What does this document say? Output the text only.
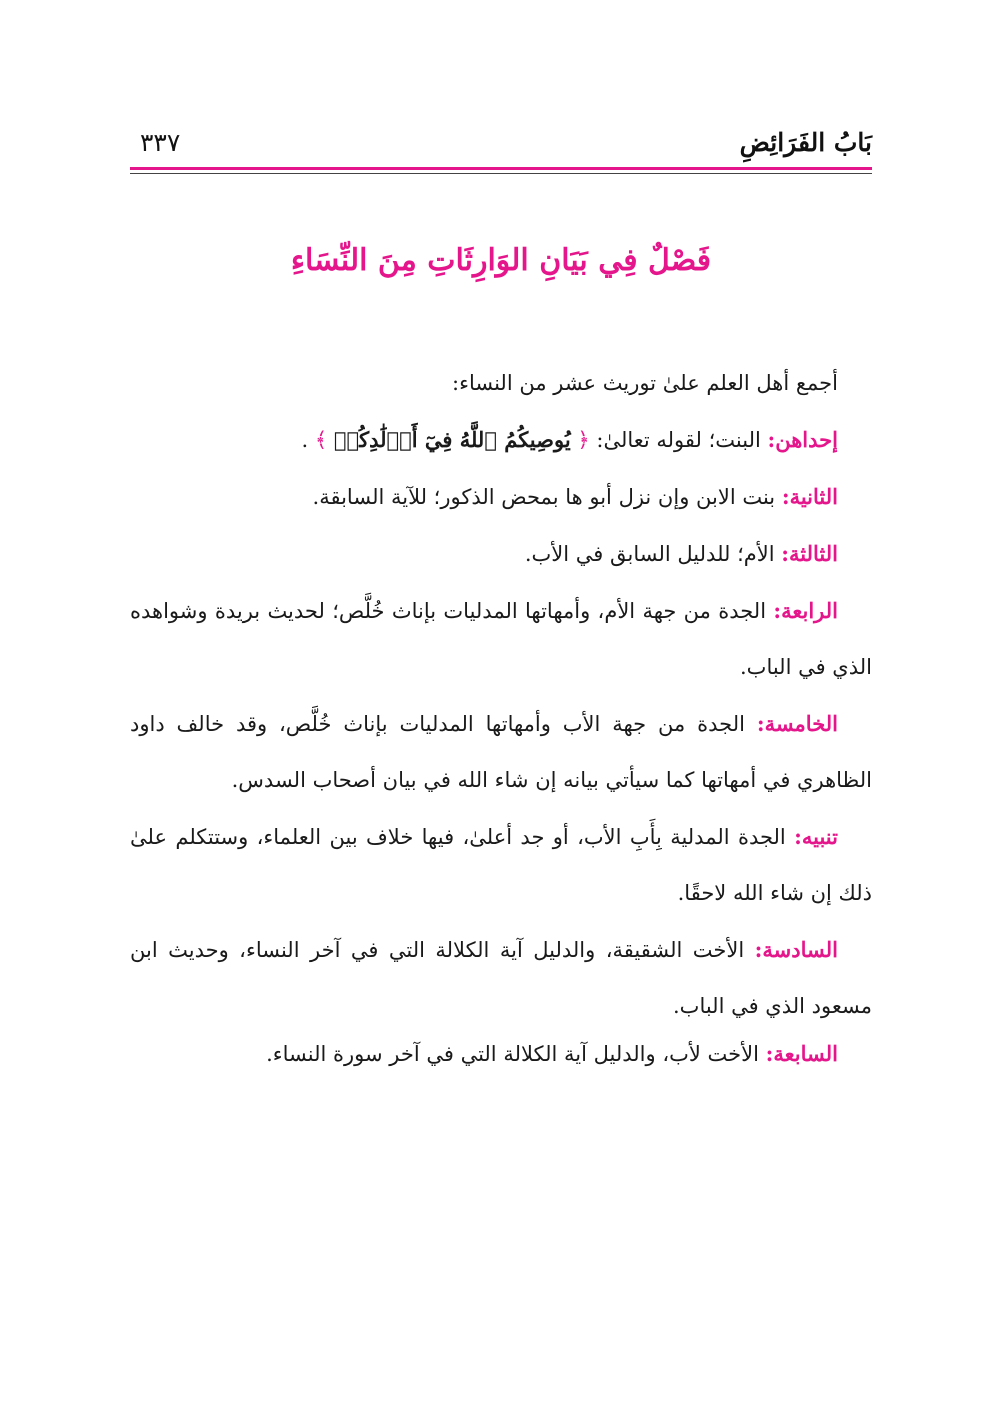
بَابُ الفَرَائِضِ
٣٣٧
فَصْلٌ فِي بَيَانِ الوَارِثَاتِ مِنَ النِّسَاءِ

أجمع أهل العلم علىٰ توريث عشر من النساء:

إحداهن: البنت؛ لقوله تعالىٰ: ﴿ يُوصِيكُمُ ٱللَّهُ فِيٓ أَوۡلَٰدِكُمۡ ﴾ .

الثانية: بنت الابن وإن نزل أبو ها بمحض الذكور؛ للآية السابقة.

الثالثة: الأم؛ للدليل السابق في الأب.

الرابعة: الجدة من جهة الأم، وأمهاتها المدليات بإناث خُلَّص؛ لحديث بريدة وشواهده الذي في الباب.

الخامسة: الجدة من جهة الأب وأمهاتها المدليات بإناث خُلَّص، وقد خالف داود الظاهري في أمهاتها كما سيأتي بيانه إن شاء الله في بيان أصحاب السدس.

تنبيه: الجدة المدلية بِأَبِ الأب، أو جد أعلىٰ، فيها خلاف بين العلماء، وستتكلم علىٰ ذلك إن شاء الله لاحقًا.

السادسة: الأخت الشقيقة، والدليل آية الكلالة التي في آخر النساء، وحديث ابن مسعود الذي في الباب.

السابعة: الأخت لأب، والدليل آية الكلالة التي في آخر سورة النساء.
